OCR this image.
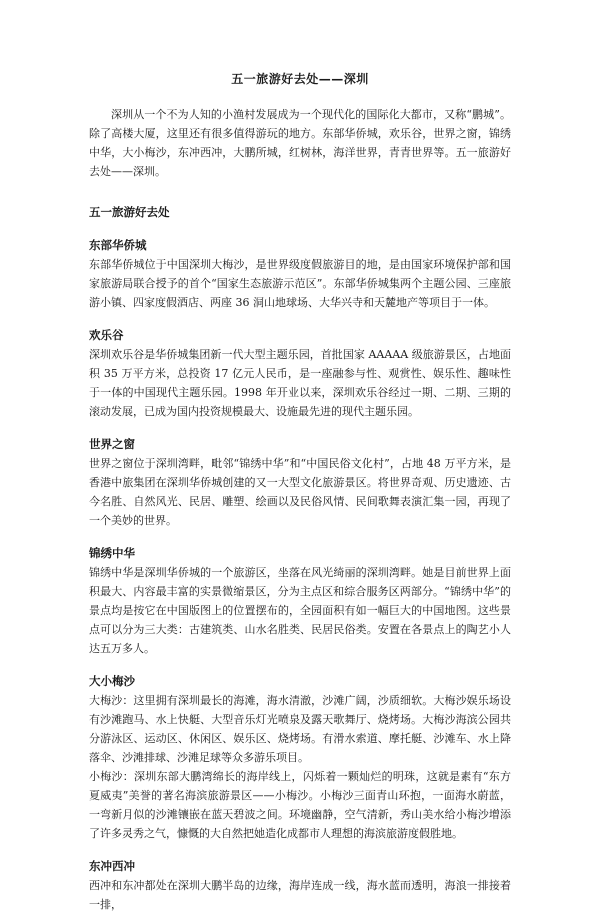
五一旅游好去处——深圳

深圳从一个不为人知的小渔村发展成为一个现代化的国际化大都市，又称“鹏城”。除了高楼大厦，这里还有很多值得游玩的地方。东部华侨城，欢乐谷，世界之窗，锦绣中华，大小梅沙，东冲西冲，大鹏所城，红树林，海洋世界，青青世界等。五一旅游好去处——深圳。

五一旅游好去处
东部华侨城

东部华侨城位于中国深圳大梅沙，是世界级度假旅游目的地，是由国家环境保护部和国家旅游局联合授予的首个“国家生态旅游示范区”。东部华侨城集两个主题公园、三座旅游小镇、四家度假酒店、两座 36 洞山地球场、大华兴寺和天麓地产等项目于一体。

欢乐谷

深圳欢乐谷是华侨城集团新一代大型主题乐园，首批国家 AAAAA 级旅游景区，占地面积 35 万平方米，总投资 17 亿元人民币，是一座融参与性、观赏性、娱乐性、趣味性于一体的中国现代主题乐园。1998 年开业以来，深圳欢乐谷经过一期、二期、三期的滚动发展，已成为国内投资规模最大、设施最先进的现代主题乐园。

世界之窗

世界之窗位于深圳湾畔，毗邻“锦绣中华”和“中国民俗文化村”，占地 48 万平方米，是香港中旅集团在深圳华侨城创建的又一大型文化旅游景区。将世界奇观、历史遗迹、古今名胜、自然风光、民居、雕塑、绘画以及民俗风情、民间歌舞表演汇集一园，再现了一个美妙的世界。

锦绣中华

锦绣中华是深圳华侨城的一个旅游区，坐落在风光绮丽的深圳湾畔。她是目前世界上面积最大、内容最丰富的实景微缩景区，分为主点区和综合服务区两部分。“锦绣中华”的景点均是按它在中国版图上的位置摆布的，全园面积有如一幅巨大的中国地图。这些景点可以分为三大类：古建筑类、山水名胜类、民居民俗类。安置在各景点上的陶艺小人达五万多人。

大小梅沙

大梅沙：这里拥有深圳最长的海滩，海水清澈，沙滩广阔，沙质细软。大梅沙娱乐场设有沙滩跑马、水上快艇、大型音乐灯光喷泉及露天歌舞厅、烧烤场。大梅沙海滨公园共分游泳区、运动区、休闲区、娱乐区、烧烤场。有滑水索道、摩托艇、沙滩车、水上降落伞、沙滩排球、沙滩足球等众多游乐项目。

小梅沙：深圳东部大鹏湾绵长的海岸线上，闪烁着一颗灿烂的明珠，这就是素有“东方夏威夷”美誉的著名海滨旅游景区——小梅沙。小梅沙三面青山环抱，一面海水蔚蓝，一弯新月似的沙滩镶嵌在蓝天碧波之间。环境幽静，空气清新，秀山美水给小梅沙增添了许多灵秀之气，慷慨的大自然把她造化成都市人理想的海滨旅游度假胜地。

东冲西冲

西冲和东冲都处在深圳大鹏半岛的边缘，海岸连成一线，海水蓝而透明，海浪一排接着一排，
